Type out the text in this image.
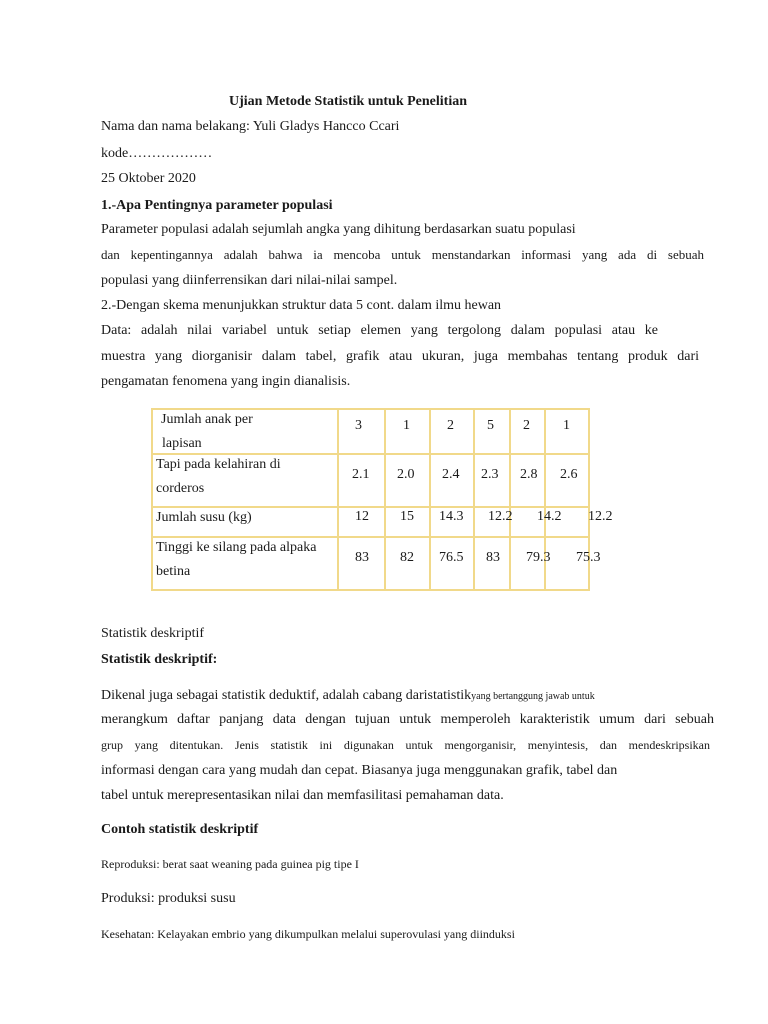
Ujian Metode Statistik untuk Penelitian
Nama dan nama belakang: Yuli Gladys Hancco Ccari
kode………………
25 Oktober 2020
1.-Apa Pentingnya parameter populasi
Parameter populasi adalah sejumlah angka yang dihitung berdasarkan suatu populasi
dan kepentingannya adalah bahwa ia mencoba untuk menstandarkan informasi yang ada di sebuah
populasi yang diinferrensikan dari nilai-nilai sampel.
2.-Dengan skema menunjukkan struktur data 5 cont. dalam ilmu hewan
Data: adalah nilai variabel untuk setiap elemen yang tergolong dalam populasi atau ke
muestra yang diorganisir dalam tabel, grafik atau ukuran, juga membahas tentang produk dari
pengamatan fenomena yang ingin dianalisis.
Jumlah anak per
lapisan
3	1	2 5 2 1
Tapi pada kelahiran di
corderos
2.1 2.0 2.4 2.3 2.8 2.6
Jumlah susu (kg)	12 15 14.3 12.2 14.2 12.2
Tinggi ke silang pada alpaka
betina
83 82 76.5 83 79.3 75.3
Statistik deskriptif
Statistik deskriptif:
Dikenal juga sebagai statistik deduktif, adalah cabang daristatistikyang bertanggung jawab untuk
merangkum daftar panjang data dengan tujuan untuk memperoleh karakteristik umum dari sebuah
grup yang ditentukan. Jenis statistik ini digunakan untuk mengorganisir, menyintesis, dan mendeskripsikan
informasi dengan cara yang mudah dan cepat. Biasanya juga menggunakan grafik, tabel dan
tabel untuk merepresentasikan nilai dan memfasilitasi pemahaman data.
Contoh statistik deskriptif
Reproduksi: berat saat weaning pada guinea pig tipe I
Produksi: produksi susu
Kesehatan: Kelayakan embrio yang dikumpulkan melalui superovulasi yang diinduksi
